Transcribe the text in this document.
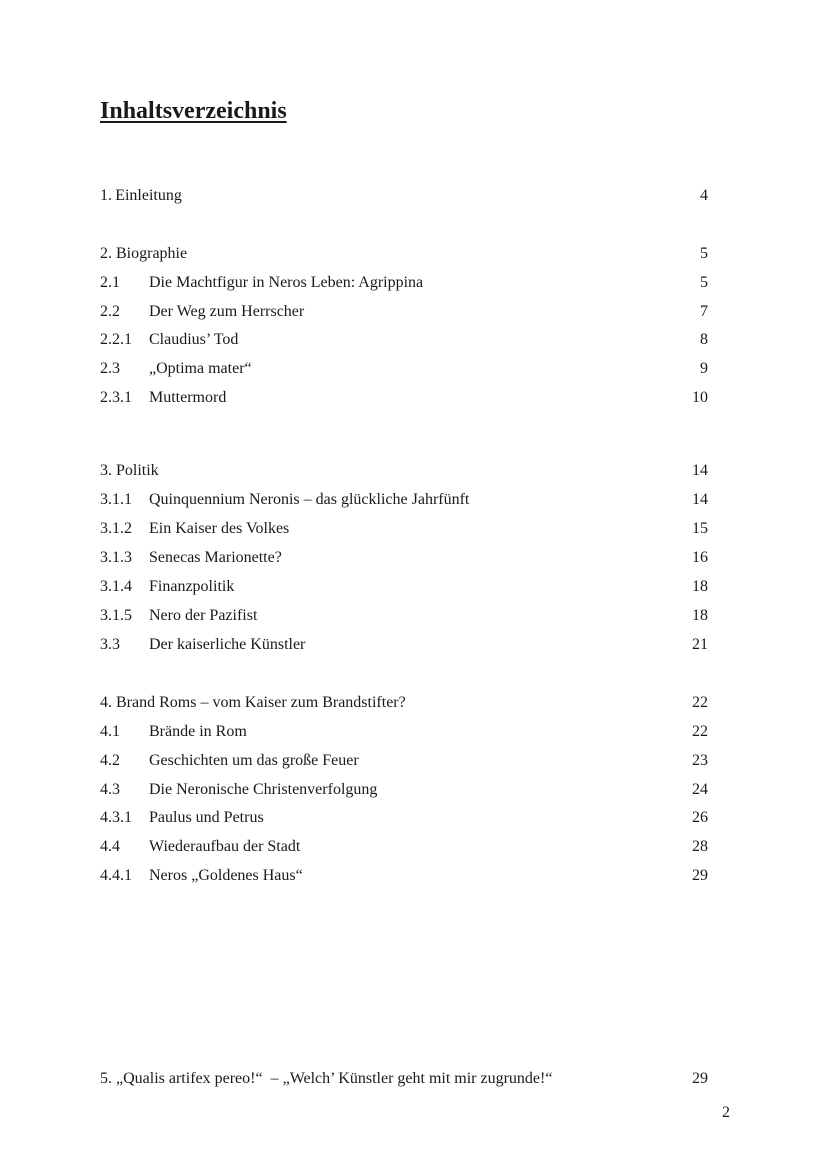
Inhaltsverzeichnis
1. Einleitung	4
2. Biographie	5
2.1 Die Machtfigur in Neros Leben: Agrippina	5
2.2 Der Weg zum Herrscher	7
2.2.1 Claudius’ Tod	8
2.3 „Optima mater“	9
2.3.1 Muttermord	10
3. Politik	14
3.1.1 Quinquennium Neronis – das glückliche Jahrfünft	14
3.1.2 Ein Kaiser des Volkes	15
3.1.3 Senecas Marionette?	16
3.1.4 Finanzpolitik	18
3.1.5 Nero der Pazifist	18
3.3 Der kaiserliche Künstler	21
4. Brand Roms – vom Kaiser zum Brandstifter?	22
4.1 Brände in Rom	22
4.2 Geschichten um das große Feuer	23
4.3 Die Neronische Christenverfolgung	24
4.3.1 Paulus und Petrus	26
4.4 Wiederaufbau der Stadt	28
4.4.1 Neros „Goldenes Haus“	29
5. „Qualis artifex pereo!“  – „Welch’ Künstler geht mit mir zugrunde!“	29
2
